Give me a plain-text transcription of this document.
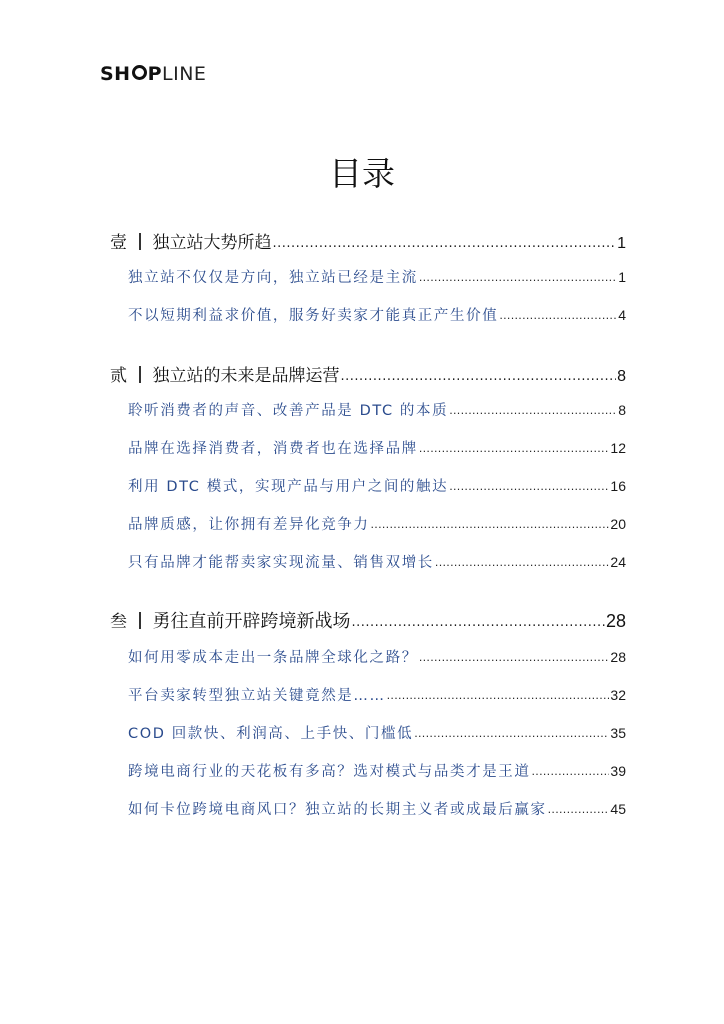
SH P LINE
目录
壹 独立站大势所趋 .....	1
独立站不仅仅是方向，独立站已经是主流 .....	1
不以短期利益求价值，服务好卖家才能真正产生价值 .....	4
贰 独立站的未来是品牌运营 .....	8
聆听消费者的声音、改善产品是 DTC 的本质 .....	8
品牌在选择消费者，消费者也在选择品牌 .....	12
利用 DTC 模式，实现产品与用户之间的触达 .....	16
品牌质感，让你拥有差异化竞争力 .....	20
只有品牌才能帮卖家实现流量、销售双增长 .....	24
叁 勇往直前开辟跨境新战场 .....	28
如何用零成本走出一条品牌全球化之路？ .....	28
平台卖家转型独立站关键竟然是…… .....	32
COD 回款快、利润高、上手快、门槛低 .....	35
跨境电商行业的天花板有多高？选对模式与品类才是王道 .....	39
如何卡位跨境电商风口？独立站的长期主义者或成最后赢家 .....	45
